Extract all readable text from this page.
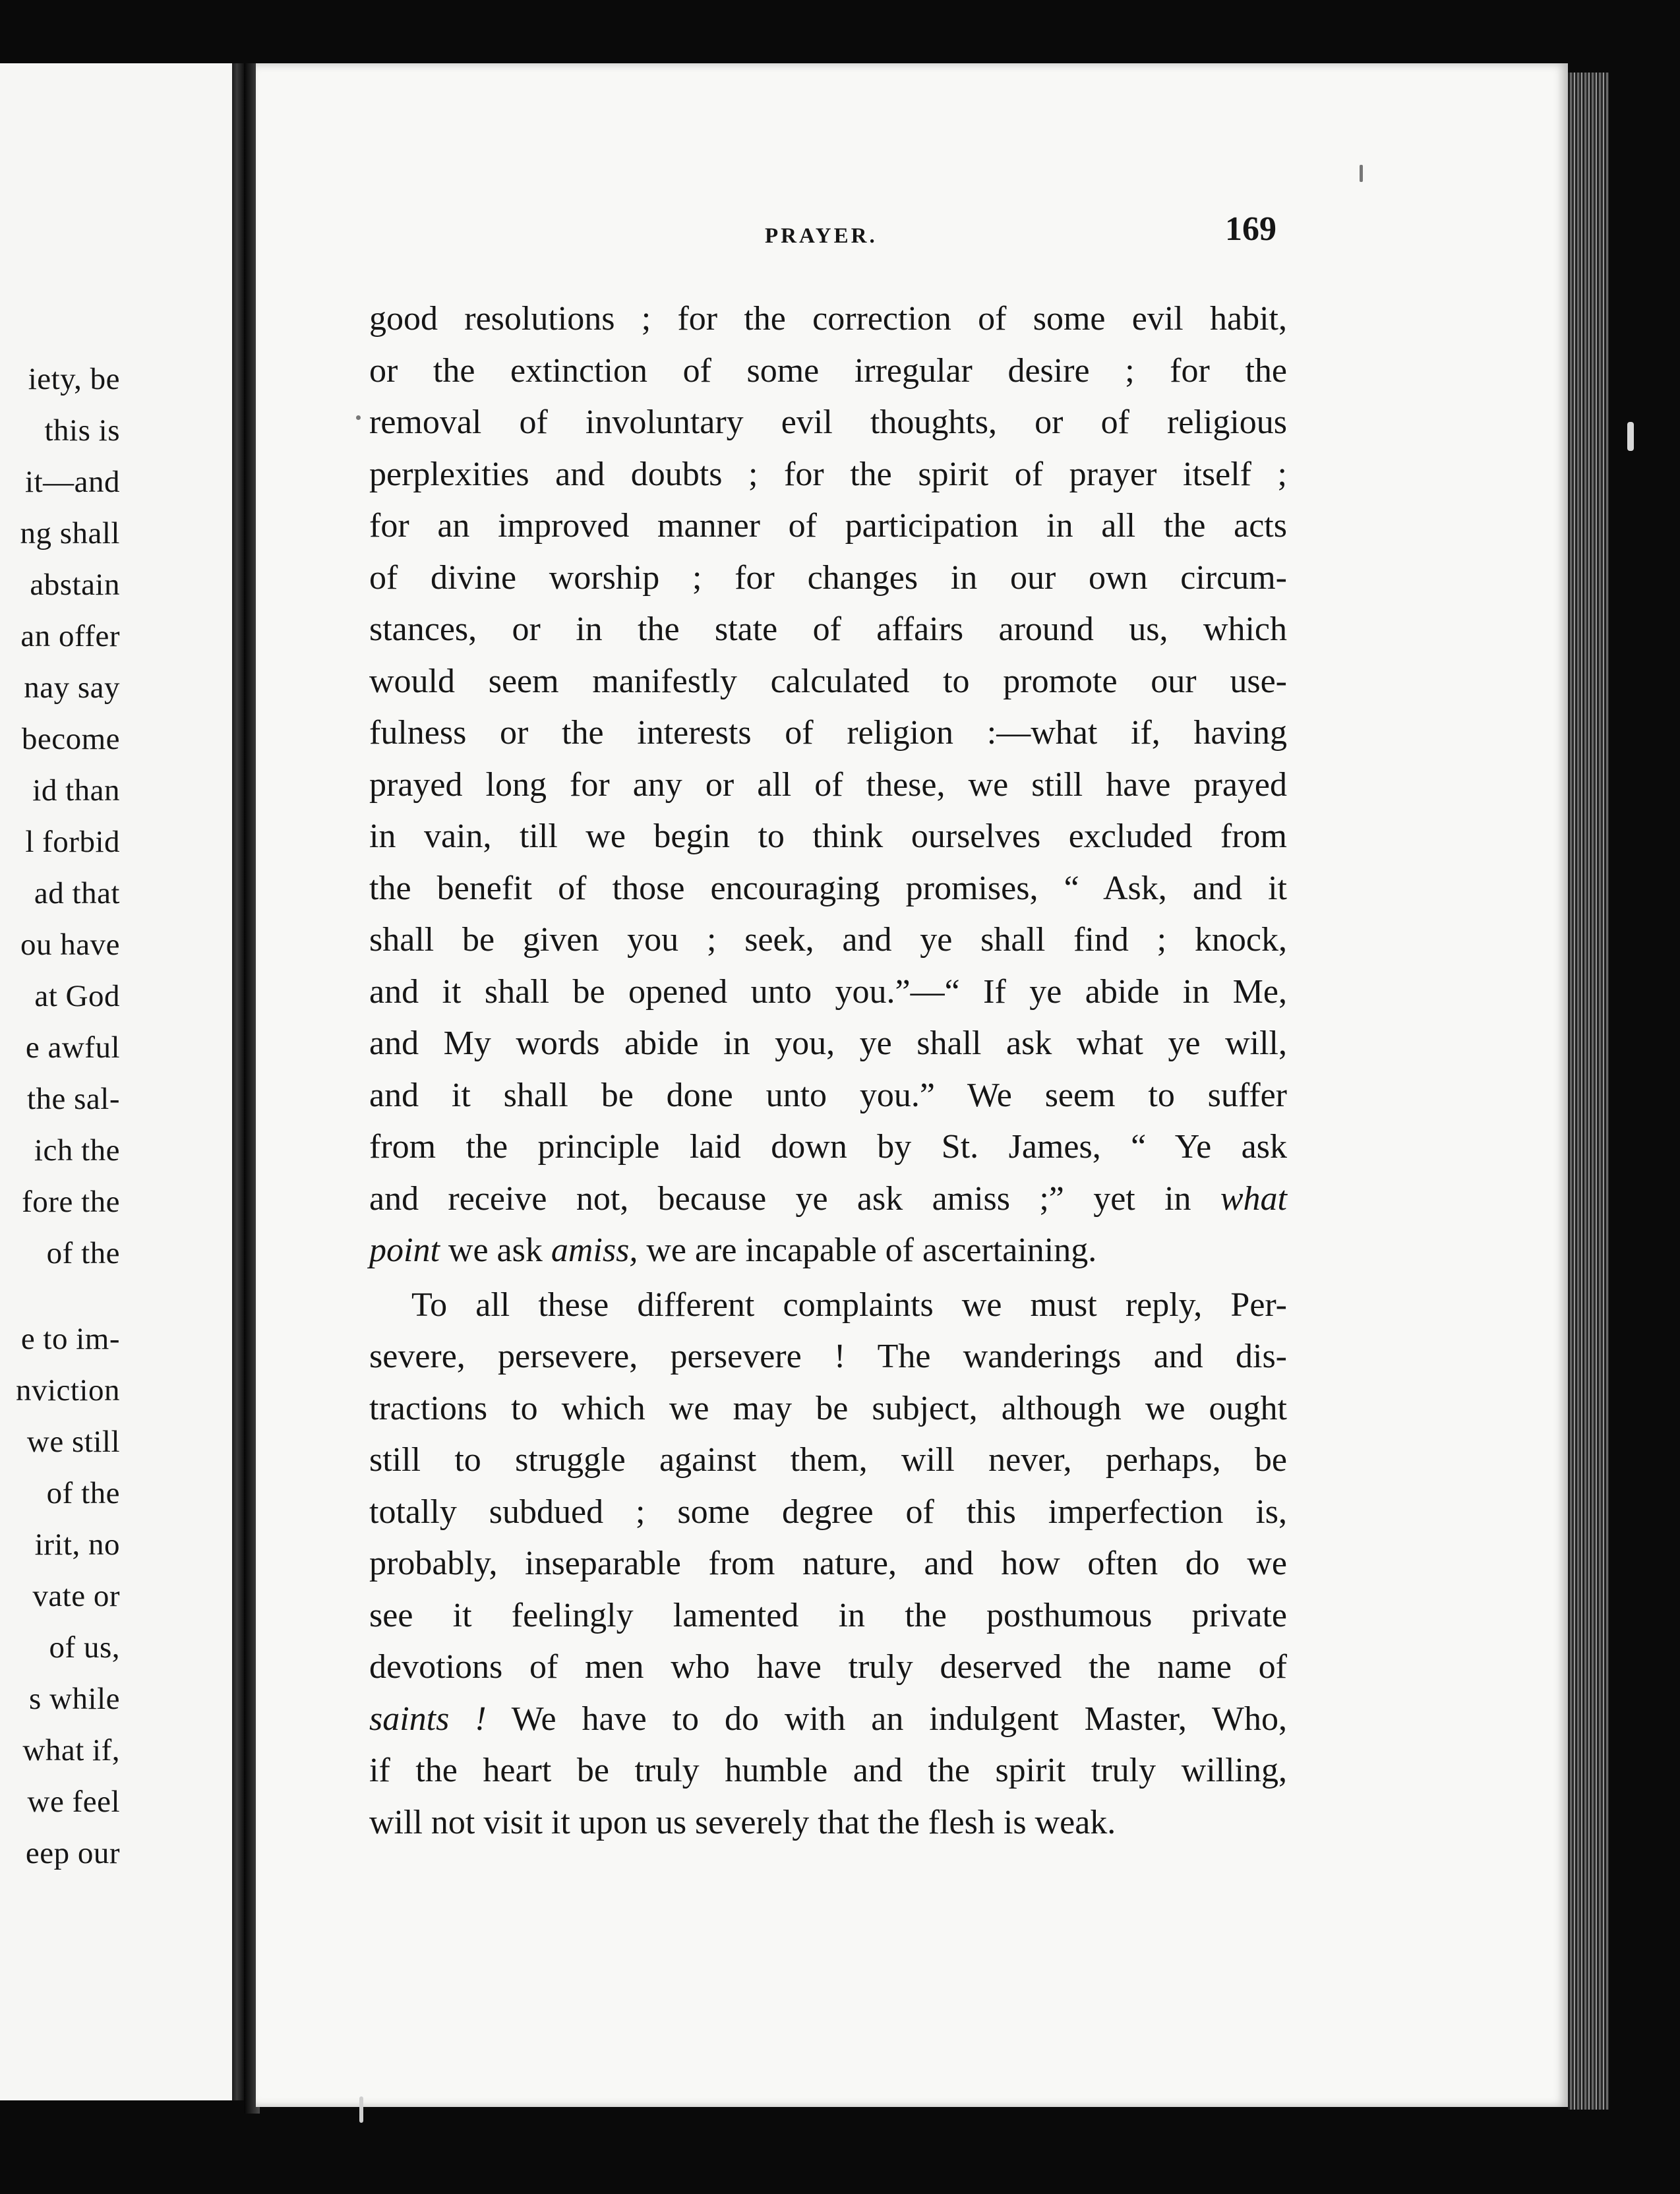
iety, be
this is
it—and
ng shall
abstain
an offer
nay say
become
id than
l forbid
ad that
ou have
at God
e awful
the sal-
ich the
fore the
of the
e to im-
nviction
we still
of the
irit, no
vate or
of us,
s while
what if,
we feel
eep our
PRAYER.	169

good resolutions ; for the correction of some evil habit,
or the extinction of some irregular desire ; for the
removal of involuntary evil thoughts, or of religious
perplexities and doubts ; for the spirit of prayer itself ;
for an improved manner of participation in all the acts
of divine worship ; for changes in our own circum-
stances, or in the state of affairs around us, which
would seem manifestly calculated to promote our use-
fulness or the interests of religion :—what if, having
prayed long for any or all of these, we still have prayed
in vain, till we begin to think ourselves excluded from
the benefit of those encouraging promises, “ Ask, and it
shall be given you ; seek, and ye shall find ; knock,
and it shall be opened unto you.”—“ If ye abide in Me,
and My words abide in you, ye shall ask what ye will,
and it shall be done unto you.” We seem to suffer
from the principle laid down by St. James, “ Ye ask
and receive not, because ye ask amiss ;” yet in what
point we ask amiss, we are incapable of ascertaining.

To all these different complaints we must reply, Per-
severe, persevere, persevere ! The wanderings and dis-
tractions to which we may be subject, although we ought
still to struggle against them, will never, perhaps, be
totally subdued ; some degree of this imperfection is,
probably, inseparable from nature, and how often do we
see it feelingly lamented in the posthumous private
devotions of men who have truly deserved the name of
saints ! We have to do with an indulgent Master, Who,
if the heart be truly humble and the spirit truly willing,
will not visit it upon us severely that the flesh is weak.
